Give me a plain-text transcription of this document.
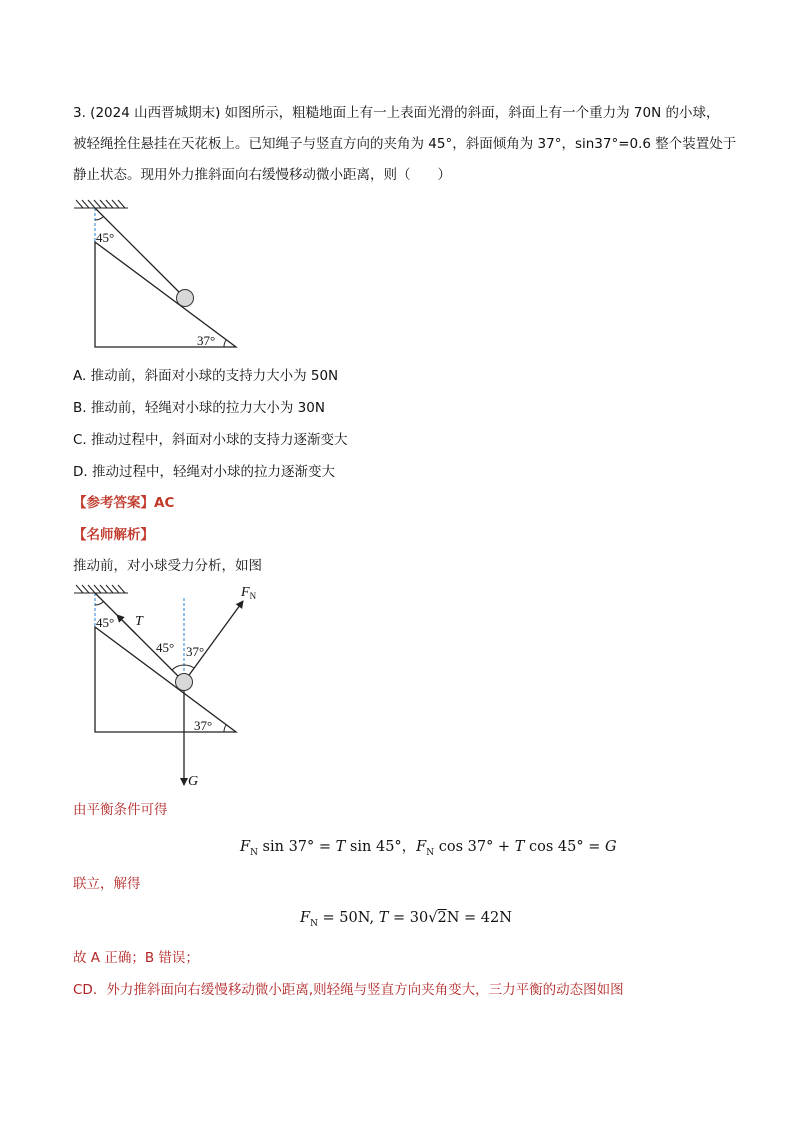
3. (2024 山西晋城期末) 如图所示，粗糙地面上有一上表面光滑的斜面，斜面上有一个重力为 70N 的小球，
被轻绳拴住悬挂在天花板上。已知绳子与竖直方向的夹角为 45°，斜面倾角为 37°，sin37°=0.6 整个装置处于
静止状态。现用外力推斜面向右缓慢移动微小距离，则（　　）
45°
37°
A. 推动前，斜面对小球的支持力大小为 50N
B. 推动前，轻绳对小球的拉力大小为 30N
C. 推动过程中，斜面对小球的支持力逐渐变大
D. 推动过程中，轻绳对小球的拉力逐渐变大
【参考答案】AC
【名师解析】
推动前，对小球受力分析，如图
45° T
45° 37°
$F_N$
37°
G
由平衡条件可得
$F_N$ sin 37° = T sin 45°，$F_N$ cos 37° + T cos 45° = G
联立，解得
$F_N = 50N$, T = 30√2N = 42N
故 A 正确；B 错误；
CD．外力推斜面向右缓慢移动微小距离,则轻绳与竖直方向夹角变大，三力平衡的动态图如图
